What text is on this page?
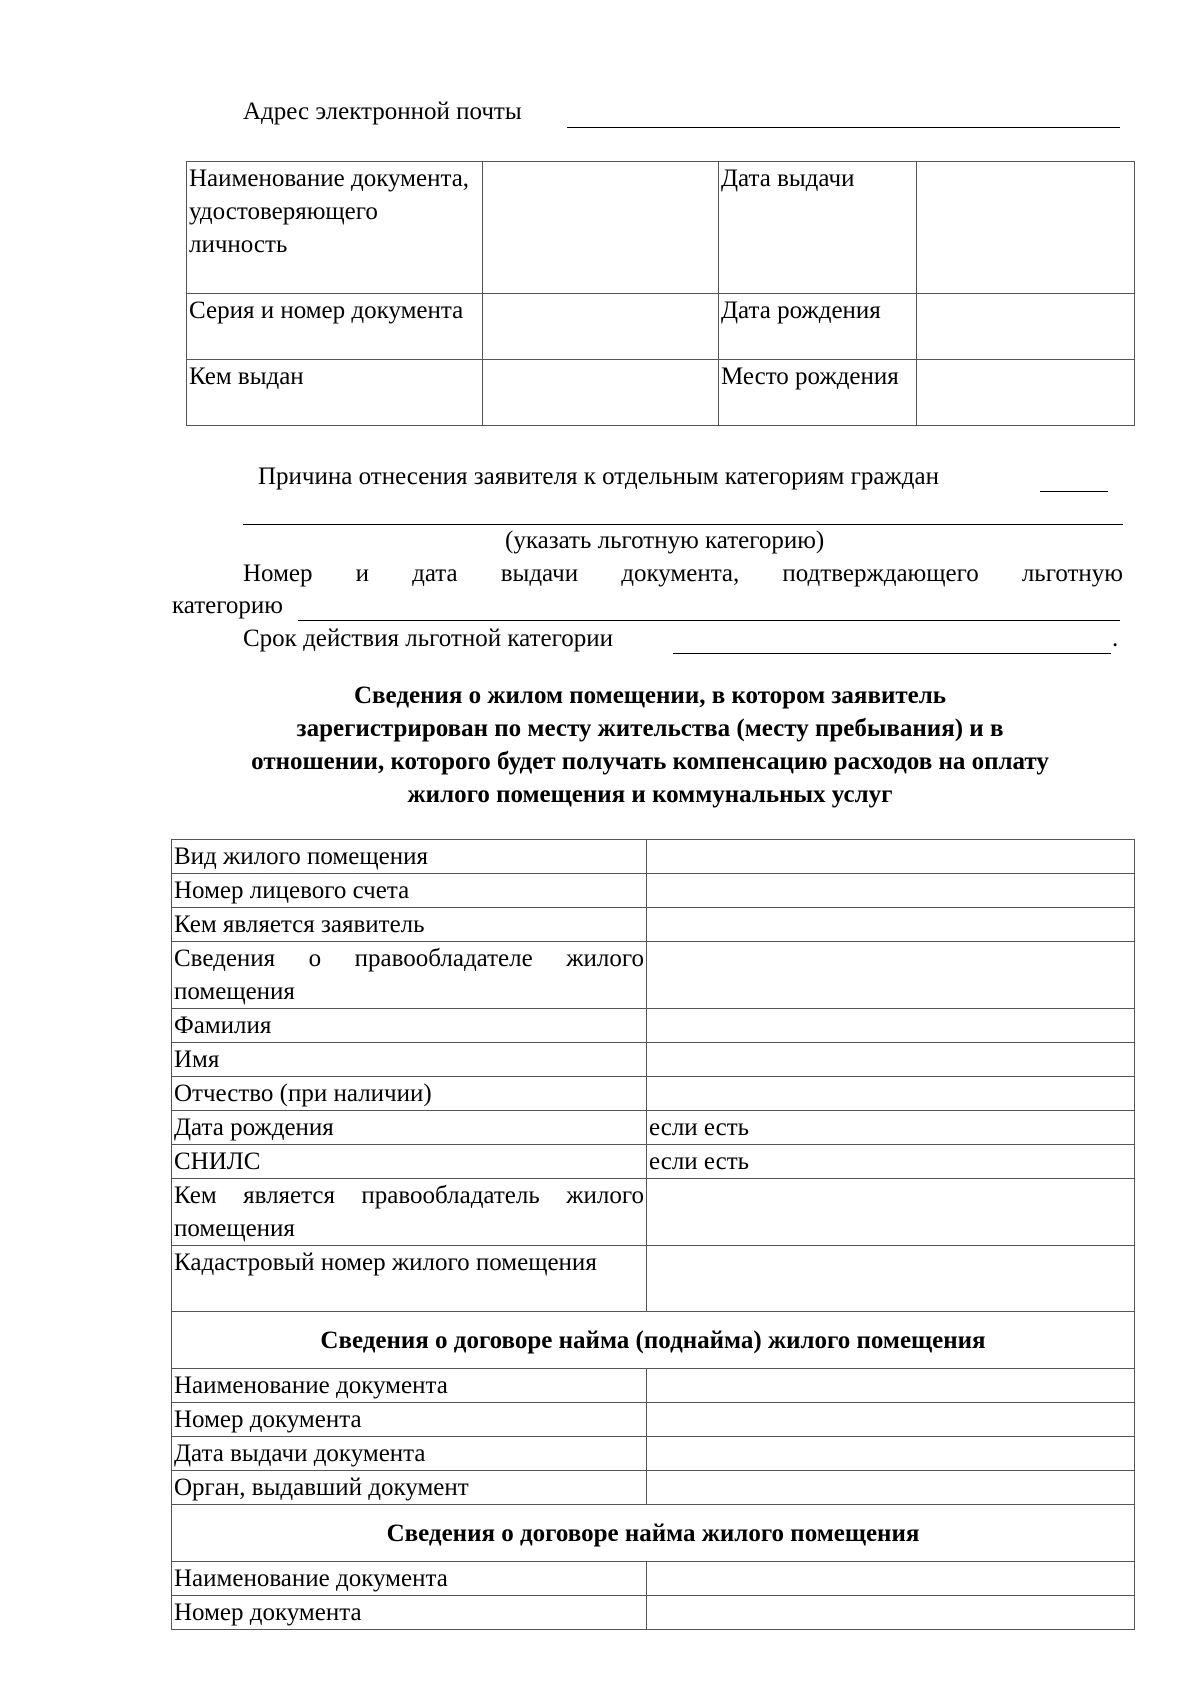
Адрес электронной почты
Наименование документа, удостоверяющего личность		Дата выдачи	
Серия и номер документа		Дата рождения	
Кем выдан		Место рождения	
Причина отнесения заявителя к отдельным категориям граждан
(указать льготную категорию)
Номер и дата выдачи документа, подтверждающего льготную
категорию
Срок действия льготной категории	.
Сведения о жилом помещении, в котором заявитель
зарегистрирован по месту жительства (месту пребывания) и в
отношении, которого будет получать компенсацию расходов на оплату
жилого помещения и коммунальных услуг
Вид жилого помещения	
Номер лицевого счета	
Кем является заявитель	
Сведения о правообладателе жилого помещения	
Фамилия	
Имя	
Отчество (при наличии)	
Дата рождения	если есть
СНИЛС	если есть
Кем является правообладатель жилого помещения	
Кадастровый номер жилого помещения	
Сведения о договоре найма (поднайма) жилого помещения	
Наименование документа	
Номер документа	
Дата выдачи документа	
Орган, выдавший документ	
Сведения о договоре найма жилого помещения	
Наименование документа	
Номер документа	
